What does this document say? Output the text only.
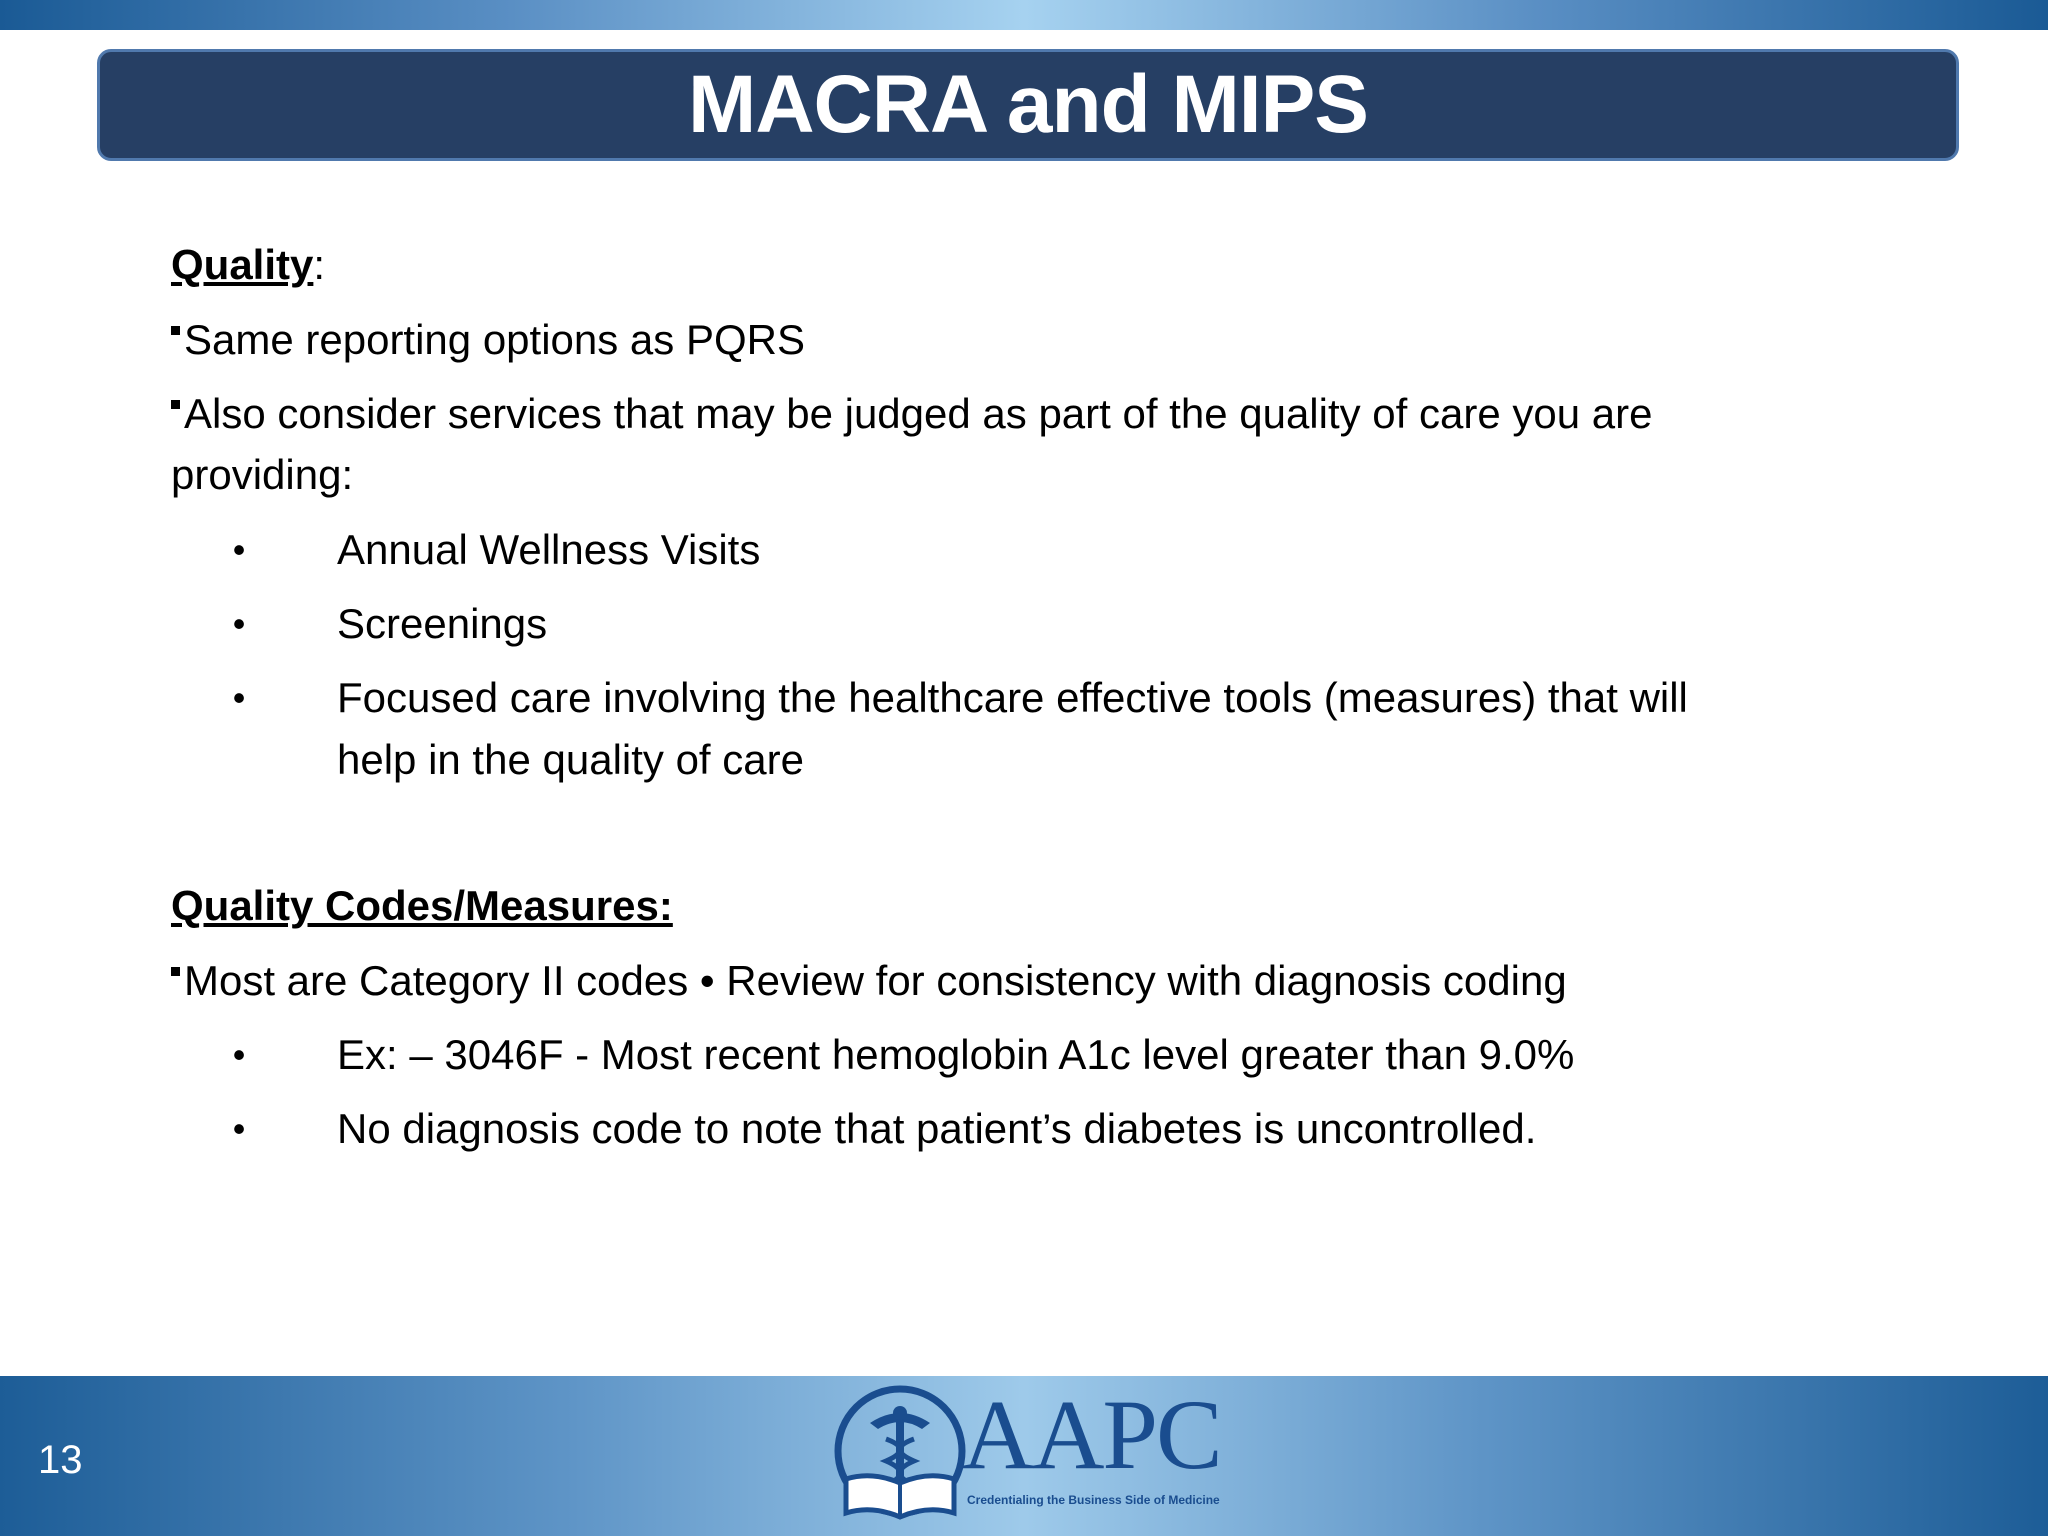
MACRA and MIPS
Quality:
Same reporting options as PQRS
Also consider services that may be judged as part of the quality of care you are
providing:
•	Annual Wellness Visits
•	Screenings
•	Focused care involving the healthcare effective tools (measures) that will
help in the quality of care
Quality Codes/Measures:
Most are Category II codes • Review for consistency with diagnosis coding
•	Ex: – 3046F - Most recent hemoglobin A1c level greater than 9.0%
•	No diagnosis code to note that patient’s diabetes is uncontrolled.
13	AAPC
Credentialing the Business Side of Medicine
